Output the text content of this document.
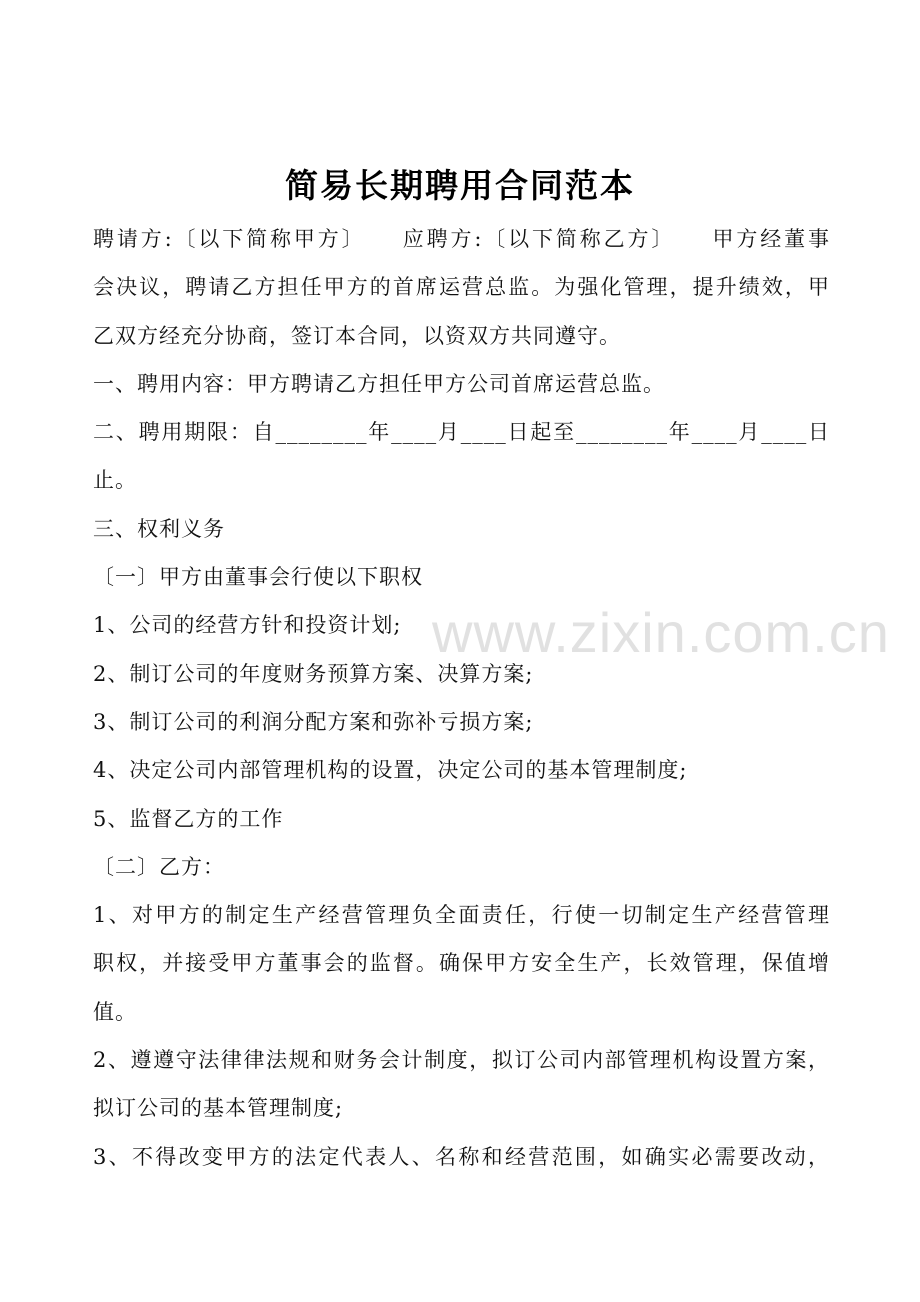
简易长期聘用合同范本
聘请方:〔以下简称甲方〕　　应聘方:〔以下简称乙方〕　　甲方经董事
会决议，聘请乙方担任甲方的首席运营总监。为强化管理，提升绩效，甲
乙双方经充分协商，签订本合同，以资双方共同遵守。
一、聘用内容：甲方聘请乙方担任甲方公司首席运营总监。
二、聘用期限：自________年____月____日起至________年____月____日
止。
三、权利义务
〔一〕甲方由董事会行使以下职权
1、公司的经营方针和投资计划;
2、制订公司的年度财务预算方案、决算方案;
3、制订公司的利润分配方案和弥补亏损方案;
4、决定公司内部管理机构的设置，决定公司的基本管理制度;
5、监督乙方的工作
〔二〕乙方：
1、对甲方的制定生产经营管理负全面责任，行使一切制定生产经营管理
职权，并接受甲方董事会的监督。确保甲方安全生产，长效管理，保值增
值。
2、遵遵守法律律法规和财务会计制度，拟订公司内部管理机构设置方案，
拟订公司的基本管理制度;
3、不得改变甲方的法定代表人、名称和经营范围，如确实必需要改动，
www.zixin.com.cn
